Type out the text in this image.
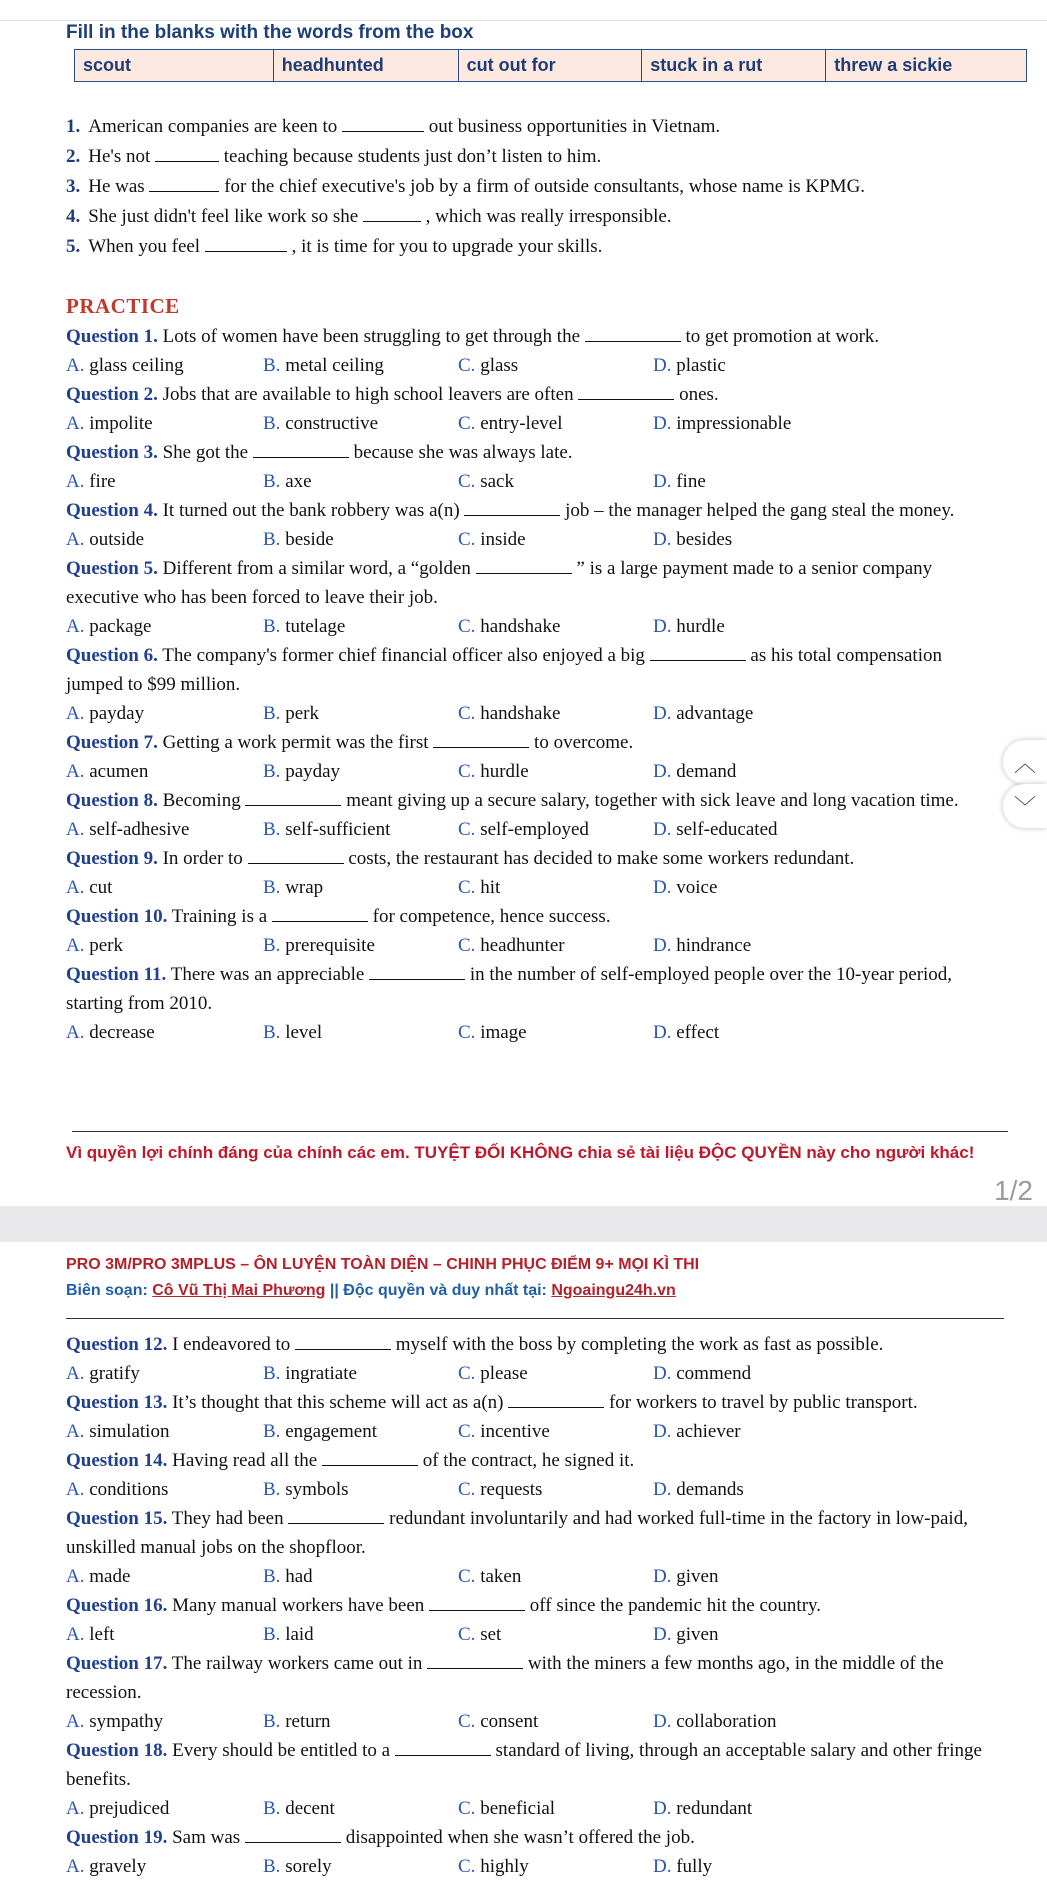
Fill in the blanks with the words from the box
scout	headhunted	cut out for	stuck in a rut	threw a sickie
1. American companies are keen to	out business opportunities in Vietnam.
2. He's not	teaching because students just don’t listen to him.
3. He was	for the chief executive's job by a firm of outside consultants, whose name is KPMG.
4. She just didn't feel like work so she	, which was really irresponsible.
5. When you feel	, it is time for you to upgrade your skills.
PRACTICE

Question 1. Lots of women have been struggling to get through the	to get promotion at work.

A. glass ceiling	B. metal ceiling	C. glass	D. plastic

Question 2. Jobs that are available to high school leavers are often	ones.

A. impolite	B. constructive	C. entry-level	D. impressionable

Question 3. She got the	because she was always late.

A. fire	B. axe	C. sack	D. fine

Question 4. It turned out the bank robbery was a(n)	job – the manager helped the gang steal the money.

A. outside	B. beside	C. inside	D. besides

Question 5. Different from a similar word, a “golden	” is a large payment made to a senior company executive who has been forced to leave their job.

A. package	B. tutelage	C. handshake	D. hurdle

Question 6. The company's former chief financial officer also enjoyed a big	as his total compensation jumped to $99 million.

A. payday	B. perk	C. handshake	D. advantage

Question 7. Getting a work permit was the first	to overcome.

A. acumen	B. payday	C. hurdle	D. demand

Question 8. Becoming	meant giving up a secure salary, together with sick leave and long vacation time.

A. self-adhesive	B. self-sufficient	C. self-employed	D. self-educated

Question 9. In order to	costs, the restaurant has decided to make some workers redundant.

A. cut	B. wrap	C. hit	D. voice

Question 10. Training is a	for competence, hence success.

A. perk	B. prerequisite	C. headhunter	D. hindrance

Question 11. There was an appreciable	in the number of self-employed people over the 10-year period, starting from 2010.

A. decrease	B. level	C. image	D. effect
Vì quyền lợi chính đáng của chính các em. TUYỆT ĐỐI KHÔNG chia sẻ tài liệu ĐỘC QUYỀN này cho người khác!
1/2
︿
﹀
PRO 3M/PRO 3MPLUS – ÔN LUYỆN TOÀN DIỆN – CHINH PHỤC ĐIỂM 9+ MỌI KÌ THI
Biên soạn: Cô Vũ Thị Mai Phương || Độc quyền và duy nhất tại: Ngoaingu24h.vn

Question 12. I endeavored to	myself with the boss by completing the work as fast as possible.

A. gratify	B. ingratiate	C. please	D. commend

Question 13. It’s thought that this scheme will act as a(n)	for workers to travel by public transport.

A. simulation	B. engagement	C. incentive	D. achiever

Question 14. Having read all the	of the contract, he signed it.

A. conditions	B. symbols	C. requests	D. demands

Question 15. They had been	redundant involuntarily and had worked full-time in the factory in low-paid, unskilled manual jobs on the shopfloor.

A. made	B. had	C. taken	D. given

Question 16. Many manual workers have been	off since the pandemic hit the country.

A. left	B. laid	C. set	D. given

Question 17. The railway workers came out in	with the miners a few months ago, in the middle of the recession.

A. sympathy	B. return	C. consent	D. collaboration

Question 18. Every should be entitled to a	standard of living, through an acceptable salary and other fringe benefits.

A. prejudiced	B. decent	C. beneficial	D. redundant

Question 19. Sam was	disappointed when she wasn’t offered the job.

A. gravely	B. sorely	C. highly	D. fully
